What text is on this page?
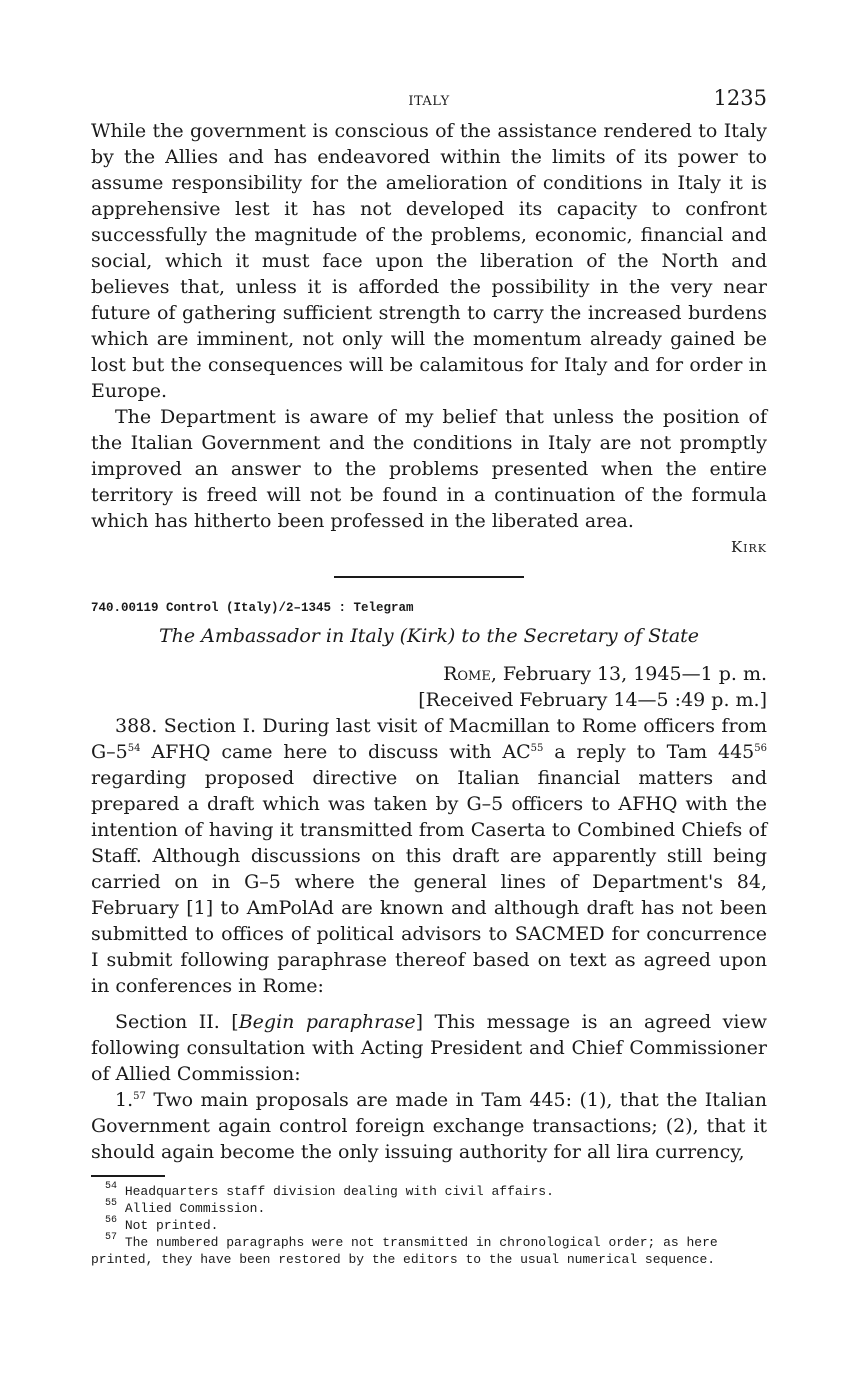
ITALY	1235

While the government is conscious of the assistance rendered to Italy by the Allies and has endeavored within the limits of its power to assume responsibility for the amelioration of conditions in Italy it is apprehensive lest it has not developed its capacity to confront successfully the magnitude of the problems, economic, financial and social, which it must face upon the liberation of the North and believes that, unless it is afforded the possibility in the very near future of gathering sufficient strength to carry the increased burdens which are imminent, not only will the momentum already gained be lost but the consequences will be calamitous for Italy and for order in Europe.

The Department is aware of my belief that unless the position of the Italian Government and the conditions in Italy are not promptly improved an answer to the problems presented when the entire territory is freed will not be found in a continuation of the formula which has hitherto been professed in the liberated area.

Kirk
740.00119 Control (Italy)/2–1345 : Telegram
The Ambassador in Italy (Kirk) to the Secretary of State
Rome, February 13, 1945—1 p. m.
[Received February 14—5 :49 p. m.]

388. Section I. During last visit of Macmillan to Rome officers from $G-5^{54}$ AFHQ came here to discuss with AC$^{55}$ a reply to Tam $445^{56}$ regarding proposed directive on Italian financial matters and prepared a draft which was taken by G–5 officers to AFHQ with the intention of having it transmitted from Caserta to Combined Chiefs of Staff. Although discussions on this draft are apparently still being carried on in G–5 where the general lines of Department's 84, February [1] to AmPolAd are known and although draft has not been submitted to offices of political advisors to SACMED for concurrence I submit following paraphrase thereof based on text as agreed upon in conferences in Rome:

Section II. [Begin paraphrase] This message is an agreed view following consultation with Acting President and Chief Commissioner of Allied Commission:

1.57 Two main proposals are made in Tam 445: (1), that the Italian Government again control foreign exchange transactions; (2), that it should again become the only issuing authority for all lira currency,

$^{54}$ Headquarters staff division dealing with civil affairs.
$^{55}$ Allied Commission.
$^{56}$ Not printed.
$^{57}$ The numbered paragraphs were not transmitted in chronological order; as here printed, they have been restored by the editors to the usual numerical sequence.
